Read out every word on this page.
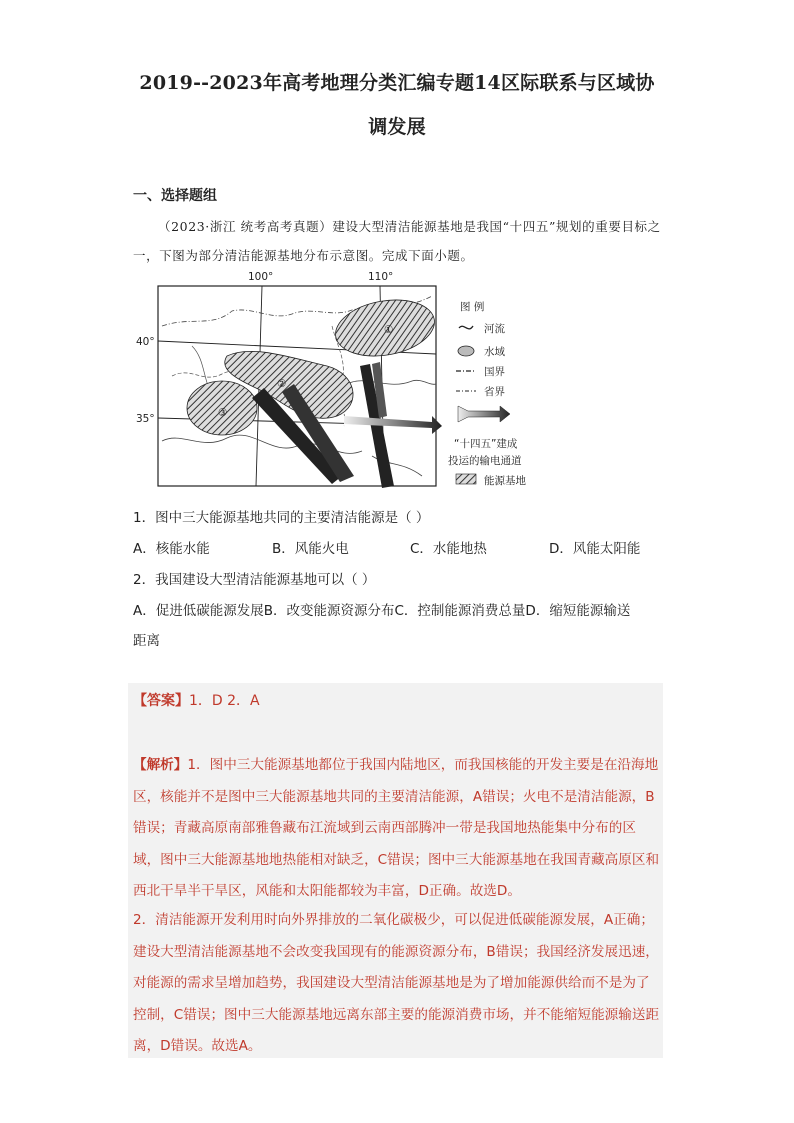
2019--2023年高考地理分类汇编专题14区际联系与区域协
调发展
一、选择题组
（2023·浙江 统考高考真题）建设大型清洁能源基地是我国“十四五”规划的重要目标之一，下图为部分清洁能源基地分布示意图。完成下面小题。
①
②
③
100°	110°
40°
35°
图 例
河流
水域
国界
省界
“十四五”建成
投运的输电通道
能源基地
1．图中三大能源基地共同的主要清洁能源是（ ）
A．核能水能	B．风能火电	C．水能地热	D．风能太阳能
2．我国建设大型清洁能源基地可以（ ）
A．促进低碳能源发展B．改变能源资源分布C．控制能源消费总量D．缩短能源输送
距离
【答案】1．D 2．A
【解析】1．图中三大能源基地都位于我国内陆地区，而我国核能的开发主要是在沿海地区，核能并不是图中三大能源基地共同的主要清洁能源，A错误；火电不是清洁能源，B错误；青藏高原南部雅鲁藏布江流域到云南西部腾冲一带是我国地热能集中分布的区域，图中三大能源基地地热能相对缺乏，C错误；图中三大能源基地在我国青藏高原区和西北干旱半干旱区，风能和太阳能都较为丰富，D正确。故选D。
2．清洁能源开发利用时向外界排放的二氧化碳极少，可以促进低碳能源发展，A正确；建设大型清洁能源基地不会改变我国现有的能源资源分布，B错误；我国经济发展迅速，对能源的需求呈增加趋势，我国建设大型清洁能源基地是为了增加能源供给而不是为了控制，C错误；图中三大能源基地远离东部主要的能源消费市场，并不能缩短能源输送距离，D错误。故选A。
